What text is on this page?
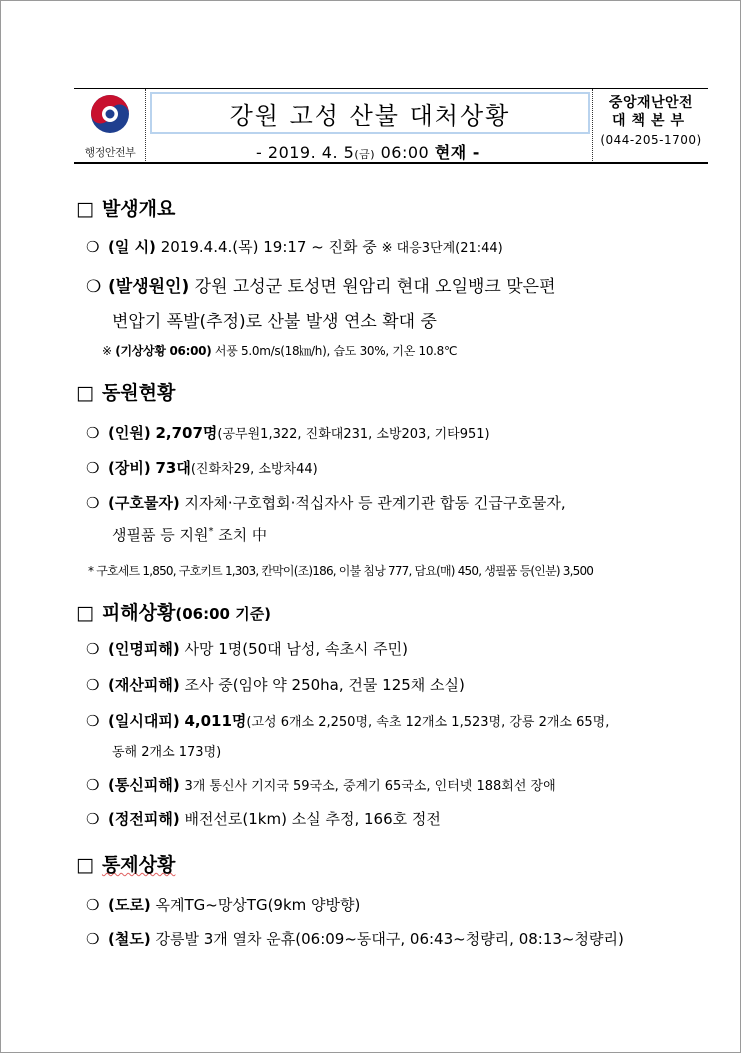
행정안전부
강원 고성 산불 대처상황
- 2019. 4. 5(금) 06:00 현재 -
중앙재난안전
대책본부
(044-205-1700)
□ 발생개요
❍ (일 시) 2019.4.4.(목) 19:17 ~ 진화 중 ※ 대응3단계(21:44)
❍ (발생원인) 강원 고성군 토성면 원암리 현대 오일뱅크 맞은편
변압기 폭발(추정)로 산불 발생 연소 확대 중
※ (기상상황 06:00) 서풍 5.0m/s(18㎞/h), 습도 30%, 기온 10.8℃
□ 동원현황
❍ (인원) 2,707명(공무원1,322, 진화대231, 소방203, 기타951)
❍ (장비) 73대(진화차29, 소방차44)
❍ (구호물자) 지자체·구호협회·적십자사 등 관계기관 합동 긴급구호물자,
생필품 등 지원* 조치 中
* 구호세트 1,850, 구호키트 1,303, 칸막이(조)186, 이불 침낭 777, 담요(매) 450, 생필품 등(인분) 3,500
□ 피해상황(06:00 기준)
❍ (인명피해) 사망 1명(50대 남성, 속초시 주민)
❍ (재산피해) 조사 중(임야 약 250ha, 건물 125채 소실)
❍ (일시대피) 4,011명(고성 6개소 2,250명, 속초 12개소 1,523명, 강릉 2개소 65명,
동해 2개소 173명)
❍ (통신피해) 3개 통신사 기지국 59국소, 중계기 65국소, 인터넷 188회선 장애
❍ (정전피해) 배전선로(1km) 소실 추정, 166호 정전
□ 통제상황
❍ (도로) 옥계TG~망상TG(9km 양방향)
❍ (철도) 강릉발 3개 열차 운휴(06:09~동대구, 06:43~청량리, 08:13~청량리)
